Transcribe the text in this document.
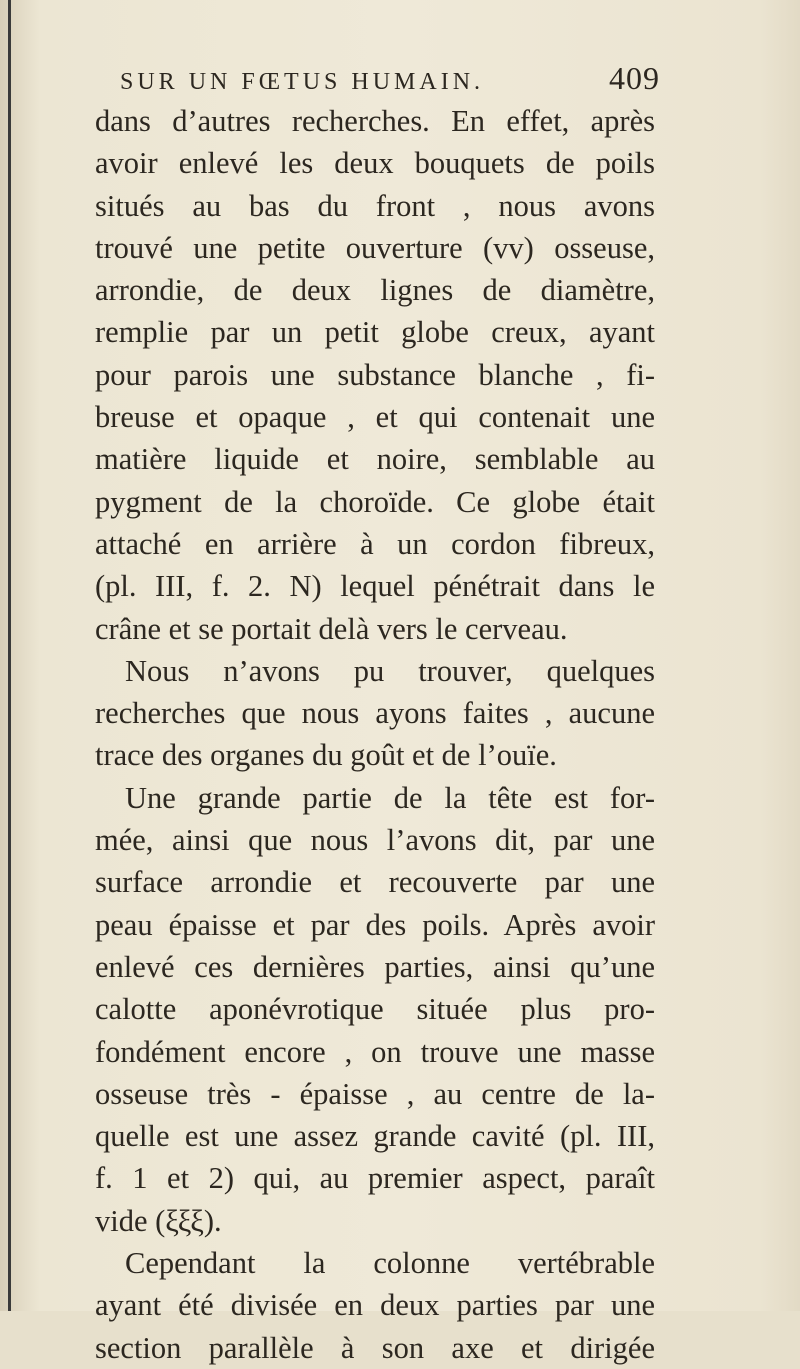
SUR UN FŒTUS HUMAIN.	409
dans d’autres recherches. En effet, après
avoir enlevé les deux bouquets de poils
situés au bas du front , nous avons
trouvé une petite ouverture (vv) osseuse,
arrondie, de deux lignes de diamètre,
remplie par un petit globe creux, ayant
pour parois une substance blanche , fi-
breuse et opaque , et qui contenait une
matière liquide et noire, semblable au
pygment de la choroïde. Ce globe était
attaché en arrière à un cordon fibreux,
(pl. III, f. 2. N) lequel pénétrait dans le
crâne et se portait delà vers le cerveau.
Nous n’avons pu trouver, quelques
recherches que nous ayons faites , aucune
trace des organes du goût et de l’ouïe.
Une grande partie de la tête est for-
mée, ainsi que nous l’avons dit, par une
surface arrondie et recouverte par une
peau épaisse et par des poils. Après avoir
enlevé ces dernières parties, ainsi qu’une
calotte aponévrotique située plus pro-
fondément encore , on trouve une masse
osseuse très - épaisse , au centre de la-
quelle est une assez grande cavité (pl. III,
f. 1 et 2) qui, au premier aspect, paraît
vide (ξξξ).
Cependant la colonne vertébrable
ayant été divisée en deux parties par une
section parallèle à son axe et dirigée
